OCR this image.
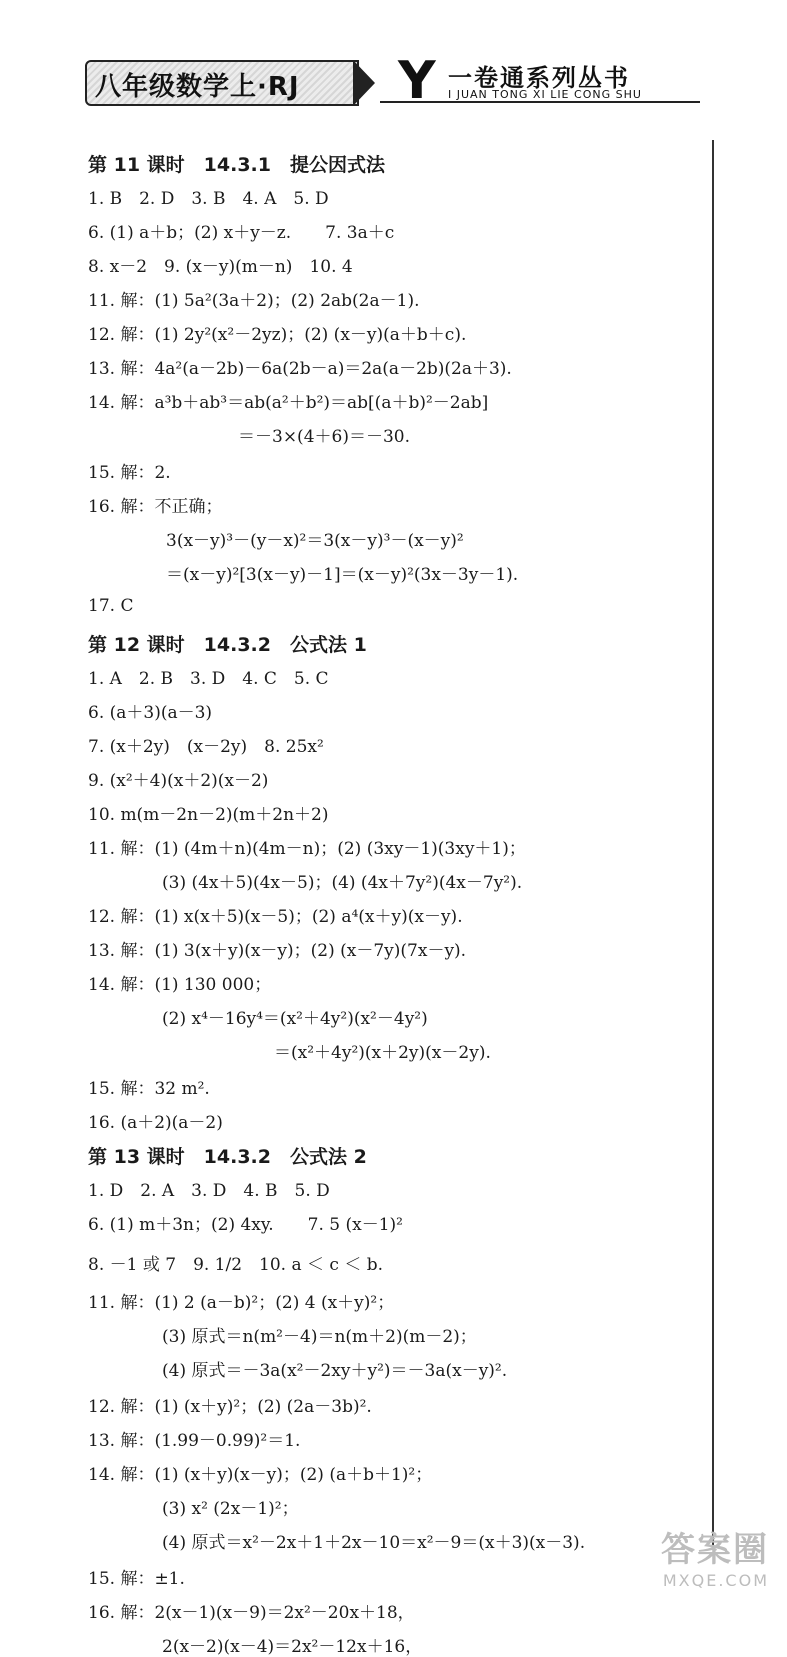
八年级数学上·RJ Y 一卷通系列丛书
I JUAN TONG XI LIE CONG SHU
第 11 课时　14.3.1　提公因式法
1. B　2. D　3. B　4. A　5. D
6. (1) a＋b；(2) x＋y－z.　　7. 3a＋c
8. x－2　9. (x－y)(m－n)　10. 4
11. 解：(1) 5a²(3a＋2)；(2) 2ab(2a－1).
12. 解：(1) 2y²(x²－2yz)；(2) (x－y)(a＋b＋c).
13. 解：4a²(a－2b)－6a(2b－a)＝2a(a－2b)(2a＋3).
14. 解：a³b＋ab³＝ab(a²＋b²)＝ab[(a＋b)²－2ab]
＝－3×(4＋6)＝－30.
15. 解：2.
16. 解：不正确；
3(x－y)³－(y－x)²＝3(x－y)³－(x－y)²
＝(x－y)²[3(x－y)－1]＝(x－y)²(3x－3y－1).
17. C
第 12 课时　14.3.2　公式法 1
1. A　2. B　3. D　4. C　5. C
6. (a＋3)(a－3)
7. (x＋2y)　(x－2y)　8. 25x²
9. (x²＋4)(x＋2)(x－2)
10. m(m－2n－2)(m＋2n＋2)
11. 解：(1) (4m＋n)(4m－n)；(2) (3xy－1)(3xy＋1)；
(3) (4x＋5)(4x－5)；(4) (4x＋7y²)(4x－7y²).
12. 解：(1) x(x＋5)(x－5)；(2) a⁴(x＋y)(x－y).
13. 解：(1) 3(x＋y)(x－y)；(2) (x－7y)(7x－y).
14. 解：(1) 130 000；
(2) x⁴－16y⁴＝(x²＋4y²)(x²－4y²)
＝(x²＋4y²)(x＋2y)(x－2y).
15. 解：32 m².
16. (a＋2)(a－2)
第 13 课时　14.3.2　公式法 2
1. D　2. A　3. D　4. B　5. D
6. (1) m＋3n；(2) 4xy.　　7. 5 (x－1)²
8. －1 或 7　9. 1/2　10. a ＜ c ＜ b.
11. 解：(1) 2 (a－b)²；(2) 4 (x＋y)²；
(3) 原式＝n(m²－4)＝n(m＋2)(m－2)；
(4) 原式＝－3a(x²－2xy＋y²)＝－3a(x－y)².
12. 解：(1) (x＋y)²；(2) (2a－3b)².
13. 解：(1.99－0.99)²＝1.
14. 解：(1) (x＋y)(x－y)；(2) (a＋b＋1)²；
(3) x² (2x－1)²；
(4) 原式＝x²－2x＋1＋2x－10＝x²－9＝(x＋3)(x－3).
15. 解：±1.
16. 解：2(x－1)(x－9)＝2x²－20x＋18，
2(x－2)(x－4)＝2x²－12x＋16，
答案圈
MXQE.COM
